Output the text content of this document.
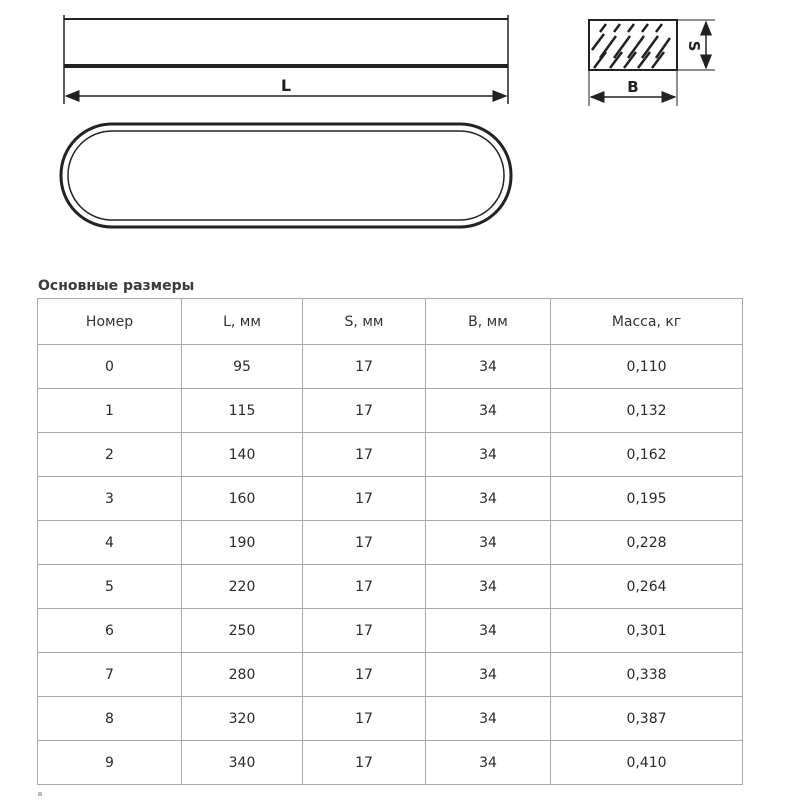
L
S
B
Основные размеры
Номер	L, мм	S, мм	B, мм	Масса, кг
0	95	17	34	0,110
1	115	17	34	0,132
2	140	17	34	0,162
3	160	17	34	0,195
4	190	17	34	0,228
5	220	17	34	0,264
6	250	17	34	0,301
7	280	17	34	0,338
8	320	17	34	0,387
9	340	17	34	0,410
